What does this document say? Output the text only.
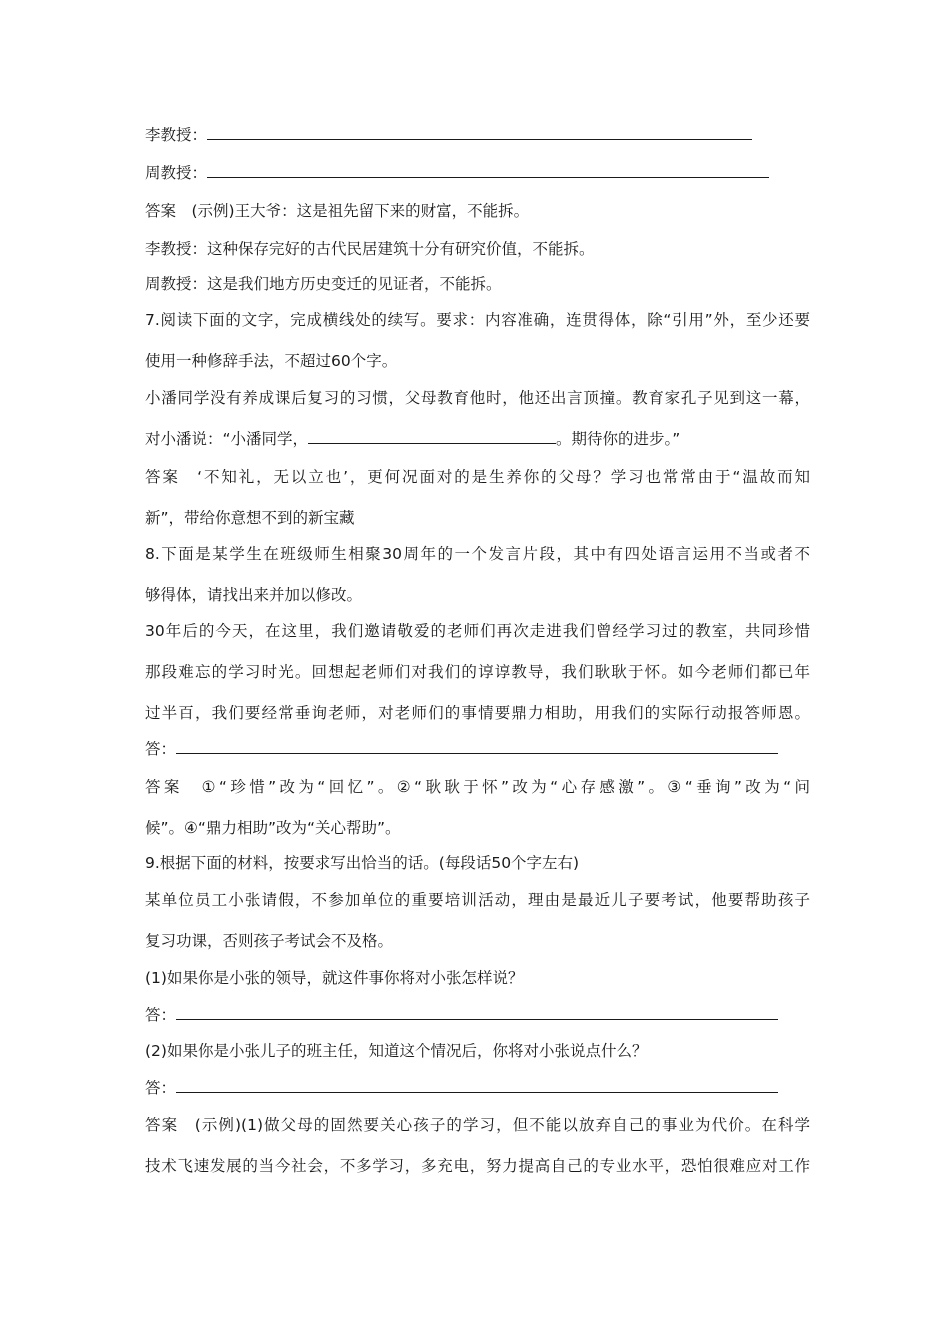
李教授：
周教授：
答案　(示例)王大爷：这是祖先留下来的财富，不能拆。
李教授：这种保存完好的古代民居建筑十分有研究价值，不能拆。
周教授：这是我们地方历史变迁的见证者，不能拆。
7.阅读下面的文字，完成横线处的续写。要求：内容准确，连贯得体，除“引用”外，至少还要
使用一种修辞手法，不超过60个字。
小潘同学没有养成课后复习的习惯，父母教育他时，他还出言顶撞。教育家孔子见到这一幕，
对小潘说：“小潘同学，	。期待你的进步。”
答案　‘不知礼，无以立也’，更何况面对的是生养你的父母？学习也常常由于“温故而知
新”，带给你意想不到的新宝藏
8.下面是某学生在班级师生相聚30周年的一个发言片段，其中有四处语言运用不当或者不
够得体，请找出来并加以修改。
30年后的今天，在这里，我们邀请敬爱的老师们再次走进我们曾经学习过的教室，共同珍惜
那段难忘的学习时光。回想起老师们对我们的谆谆教导，我们耿耿于怀。如今老师们都已年
过半百，我们要经常垂询老师，对老师们的事情要鼎力相助，用我们的实际行动报答师恩。
答：
答案　①“珍惜”改为“回忆”。②“耿耿于怀”改为“心存感激”。③“垂询”改为“问
候”。④“鼎力相助”改为“关心帮助”。
9.根据下面的材料，按要求写出恰当的话。(每段话50个字左右)
某单位员工小张请假，不参加单位的重要培训活动，理由是最近儿子要考试，他要帮助孩子
复习功课，否则孩子考试会不及格。
(1)如果你是小张的领导，就这件事你将对小张怎样说？
答：
(2)如果你是小张儿子的班主任，知道这个情况后，你将对小张说点什么？
答：
答案　(示例)(1)做父母的固然要关心孩子的学习，但不能以放弃自己的事业为代价。在科学
技术飞速发展的当今社会，不多学习，多充电，努力提高自己的专业水平，恐怕很难应对工作
